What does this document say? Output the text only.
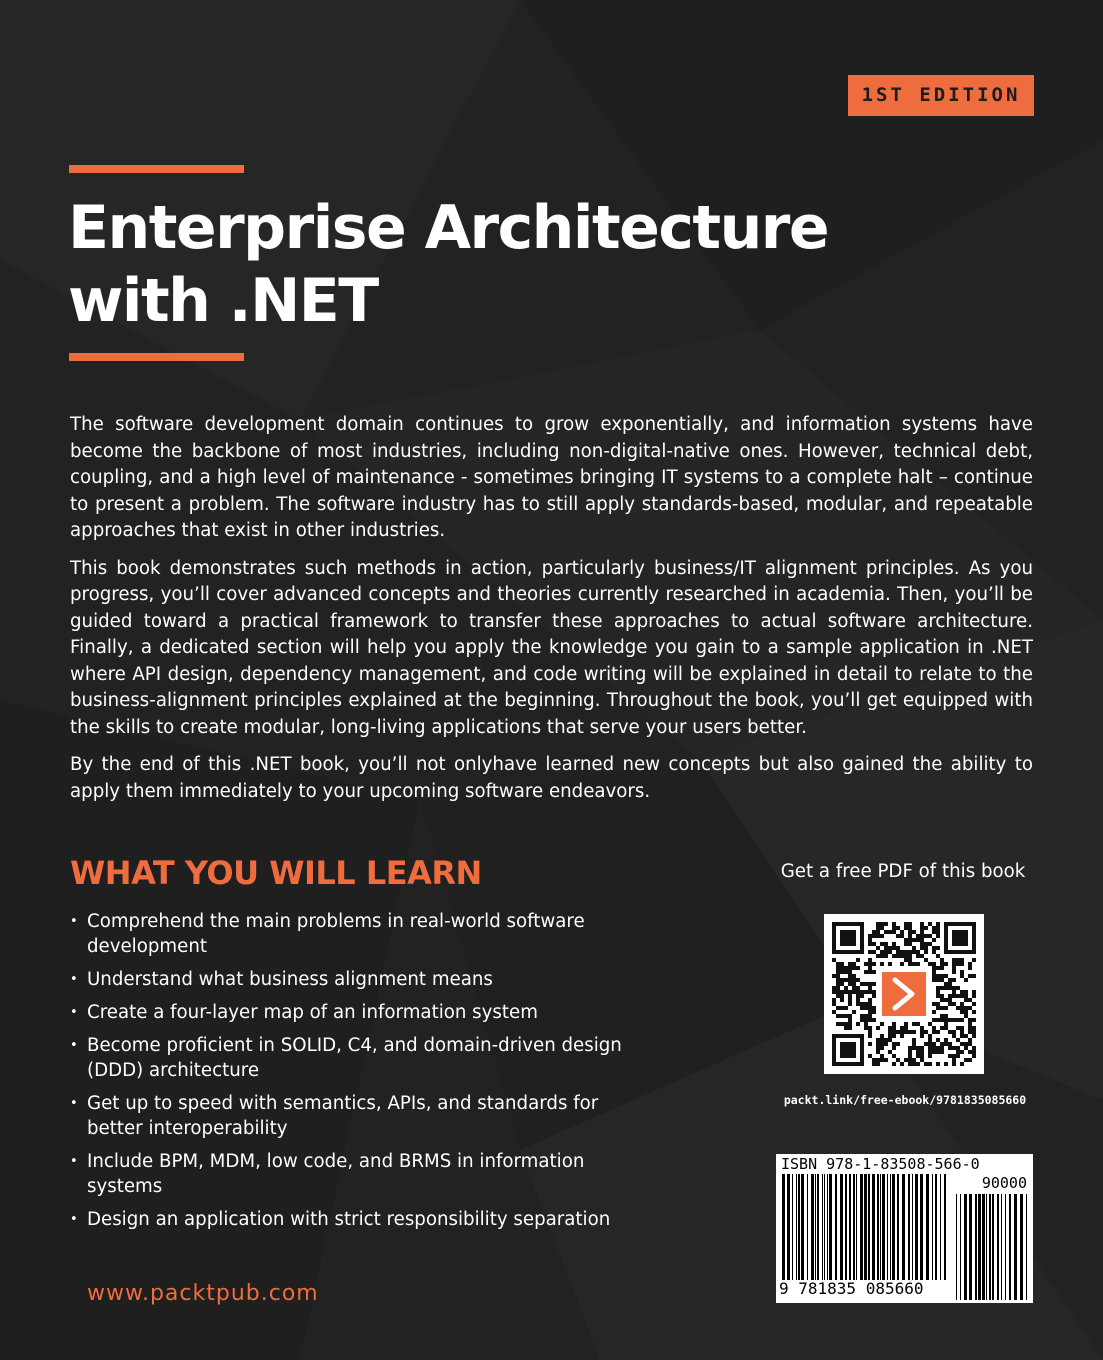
1ST EDITION
Enterprise Architecture
with .NET

The software development domain continues to grow exponentially, and information systems have become the backbone of most industries, including non-digital-native ones. However, technical debt, coupling, and a high level of maintenance - sometimes bringing IT systems to a complete halt – continue to present a problem. The software industry has to still apply standards-based, modular, and repeatable approaches that exist in other industries.

This book demonstrates such methods in action, particularly business/IT alignment principles. As you progress, you’ll cover advanced concepts and theories currently researched in academia. Then, you’ll be guided toward a practical framework to transfer these approaches to actual software architecture. Finally, a dedicated section will help you apply the knowledge you gain to a sample application in .NET where API design, dependency management, and code writing will be explained in detail to relate to the business-alignment principles explained at the beginning. Throughout the book, you’ll get equipped with the skills to create modular, long-living applications that serve your users better.

By the end of this .NET book, you’ll not onlyhave learned new concepts but also gained the ability to apply them immediately to your upcoming software endeavors.

WHAT YOU WILL LEARN
• Comprehend the main problems in real-world software development
• Understand what business alignment means
• Create a four-layer map of an information system
• Become proficient in SOLID, C4, and domain-driven design (DDD) architecture
• Get up to speed with semantics, APIs, and standards for better interoperability
• Include BPM, MDM, low code, and BRMS in information systems
• Design an application with strict responsibility separation
www.packtpub.com
Get a free PDF of this book
packt.link/free-ebook/9781835085660
ISBN 978-1-83508-566-0
90000
9 781835 085660
